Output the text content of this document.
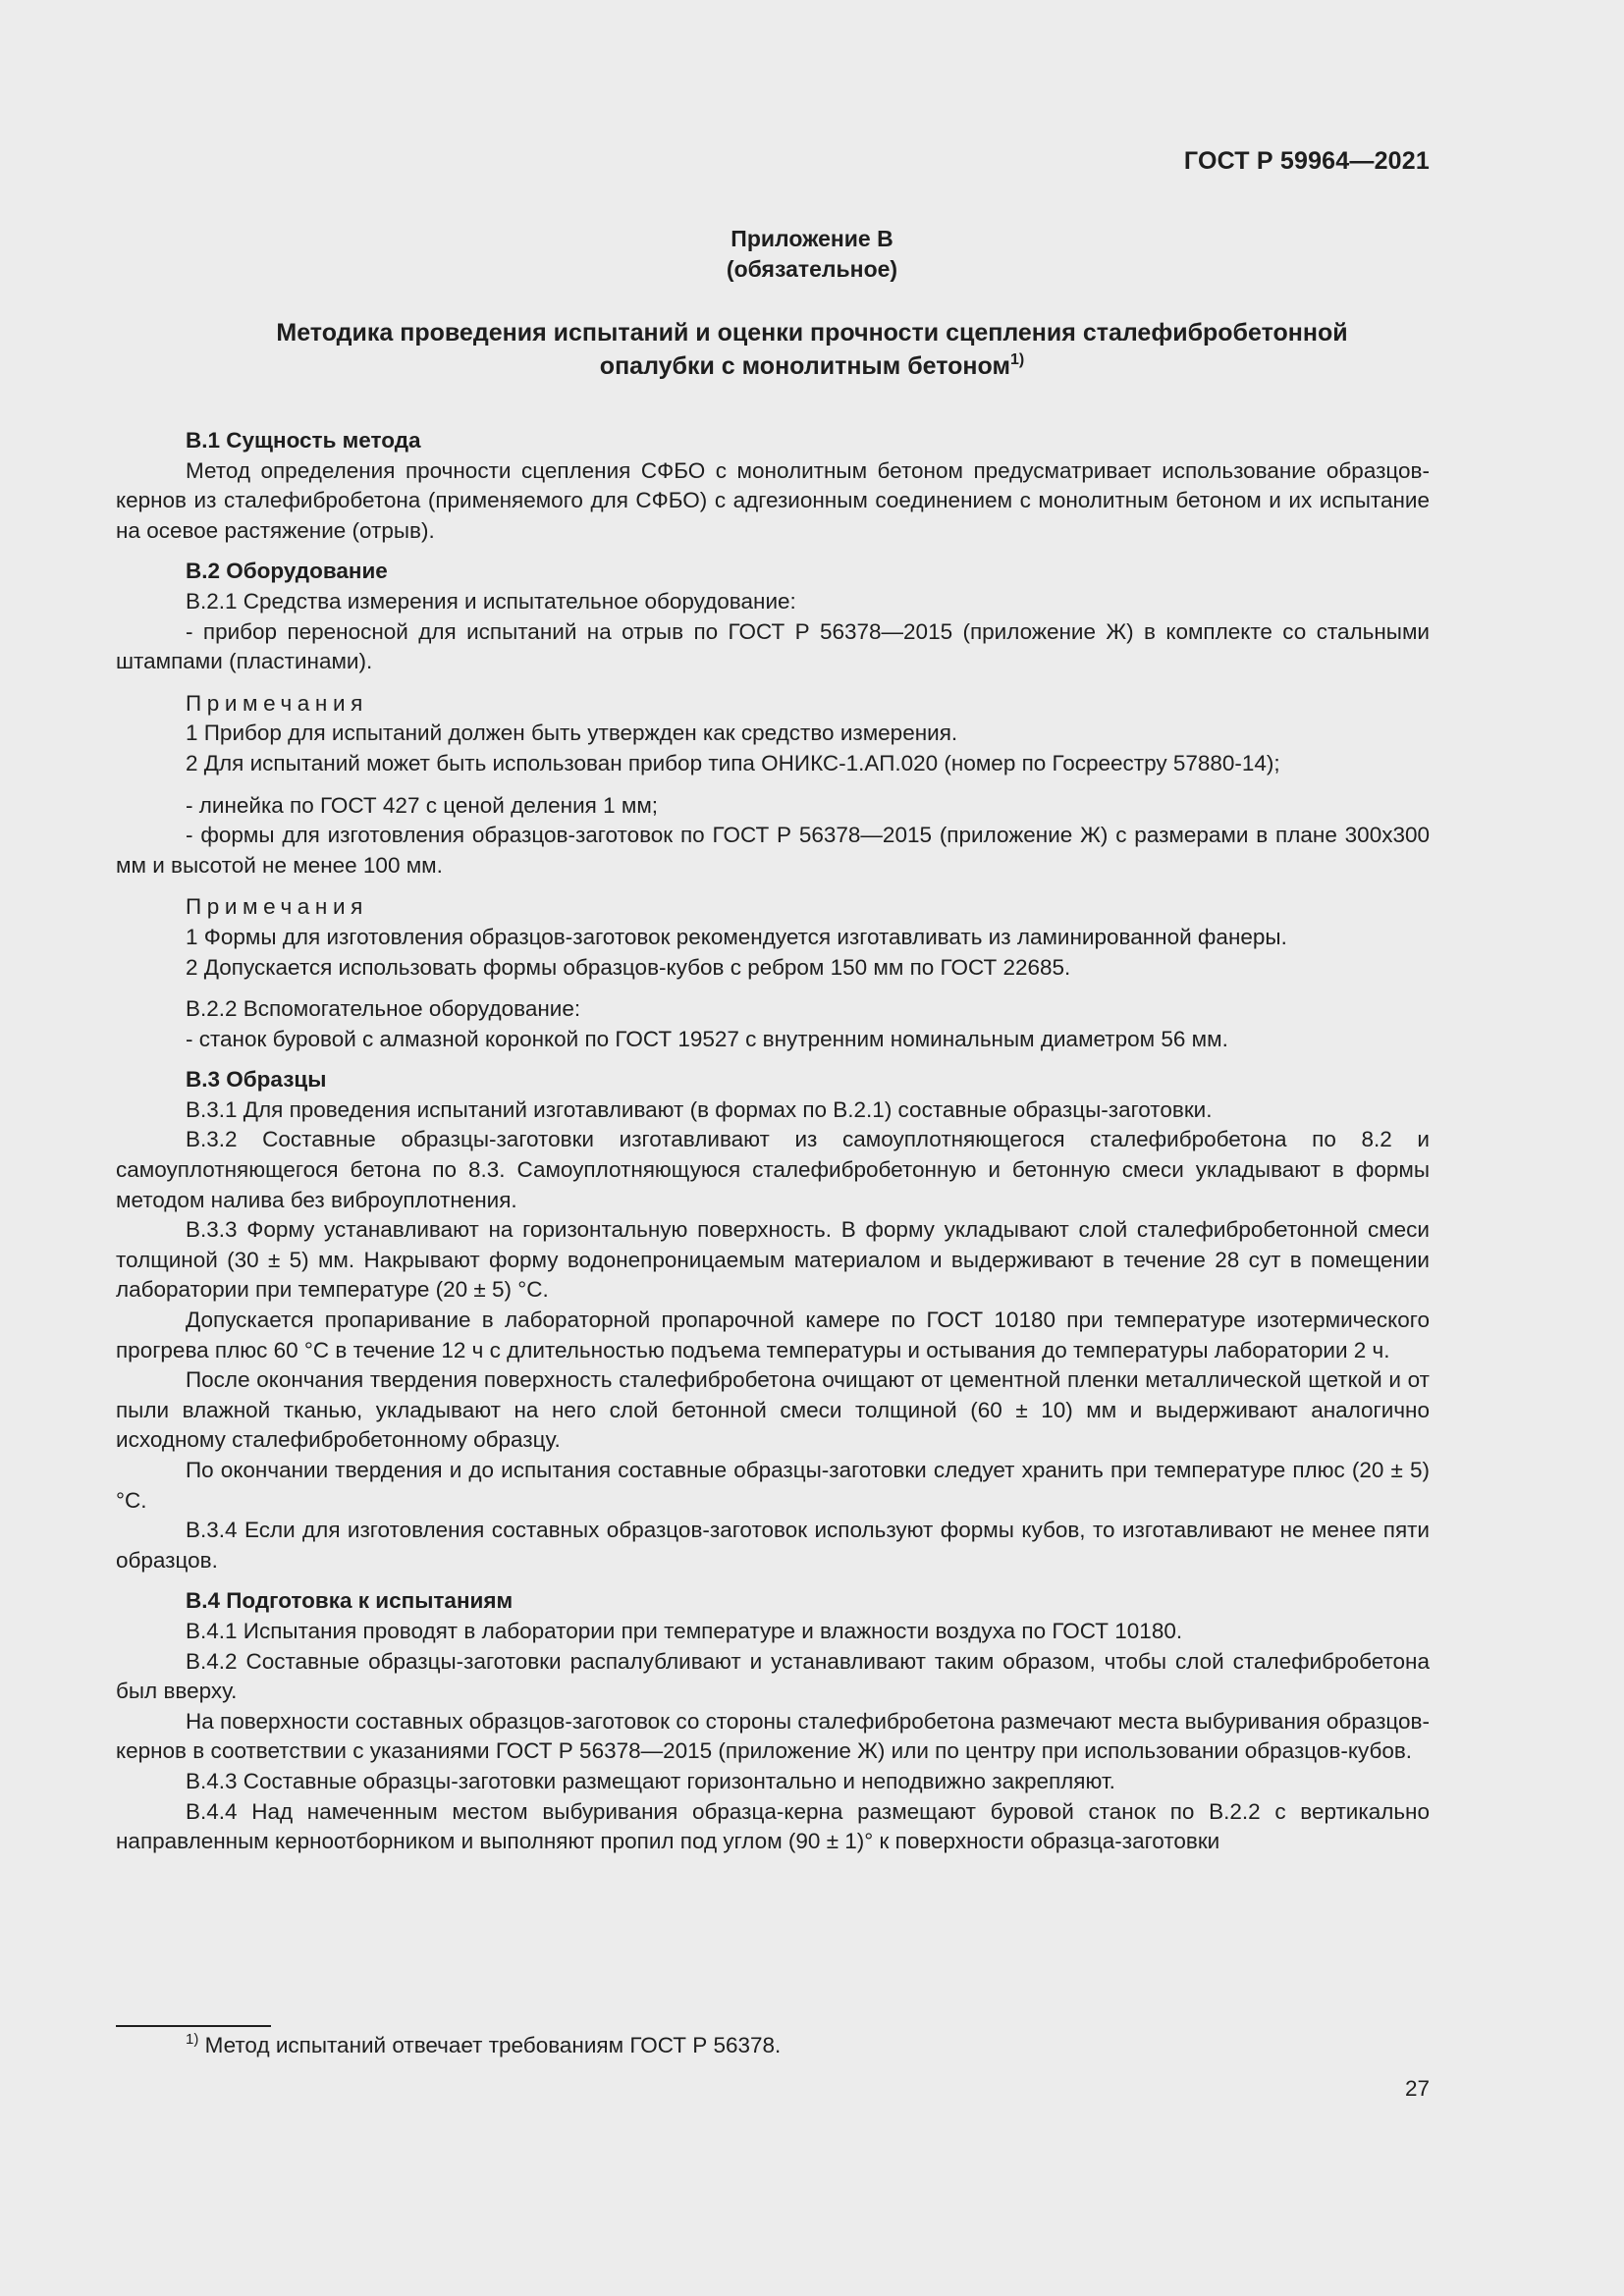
ГОСТ Р 59964—2021
Приложение В
(обязательное)
Методика проведения испытаний и оценки прочности сцепления сталефибробетонной
опалубки с монолитным бетоном$^{1)}$

В.1 Сущность метода

Метод определения прочности сцепления СФБО с монолитным бетоном предусматривает использование образцов-кернов из сталефибробетона (применяемого для СФБО) с адгезионным соединением с монолитным бетоном и их испытание на осевое растяжение (отрыв).

В.2 Оборудование

В.2.1 Средства измерения и испытательное оборудование:

- прибор переносной для испытаний на отрыв по ГОСТ Р 56378—2015 (приложение Ж) в комплекте со стальными штампами (пластинами).

Примечания

1 Прибор для испытаний должен быть утвержден как средство измерения.

2 Для испытаний может быть использован прибор типа ОНИКС-1.АП.020 (номер по Госреестру 57880-14);

- линейка по ГОСТ 427 с ценой деления 1 мм;

- формы для изготовления образцов-заготовок по ГОСТ Р 56378—2015 (приложение Ж) с размерами в плане 300х300 мм и высотой не менее 100 мм.

Примечания

1 Формы для изготовления образцов-заготовок рекомендуется изготавливать из ламинированной фанеры.

2 Допускается использовать формы образцов-кубов с ребром 150 мм по ГОСТ 22685.

В.2.2 Вспомогательное оборудование:

- станок буровой с алмазной коронкой по ГОСТ 19527 с внутренним номинальным диаметром 56 мм.

В.3 Образцы

В.3.1 Для проведения испытаний изготавливают (в формах по В.2.1) составные образцы-заготовки.

В.3.2 Составные образцы-заготовки изготавливают из самоуплотняющегося сталефибробетона по 8.2 и самоуплотняющегося бетона по 8.3. Самоуплотняющуюся сталефибробетонную и бетонную смеси укладывают в формы методом налива без виброуплотнения.

В.3.3 Форму устанавливают на горизонтальную поверхность. В форму укладывают слой сталефибробетонной смеси толщиной (30 ± 5) мм. Накрывают форму водонепроницаемым материалом и выдерживают в течение 28 сут в помещении лаборатории при температуре (20 ± 5) °С.

Допускается пропаривание в лабораторной пропарочной камере по ГОСТ 10180 при температуре изотермического прогрева плюс 60 °С в течение 12 ч с длительностью подъема температуры и остывания до температуры лаборатории 2 ч.

После окончания твердения поверхность сталефибробетона очищают от цементной пленки металлической щеткой и от пыли влажной тканью, укладывают на него слой бетонной смеси толщиной (60 ± 10) мм и выдерживают аналогично исходному сталефибробетонному образцу.

По окончании твердения и до испытания составные образцы-заготовки следует хранить при температуре плюс (20 ± 5) °С.

В.3.4 Если для изготовления составных образцов-заготовок используют формы кубов, то изготавливают не менее пяти образцов.

В.4 Подготовка к испытаниям

В.4.1 Испытания проводят в лаборатории при температуре и влажности воздуха по ГОСТ 10180.

В.4.2 Составные образцы-заготовки распалубливают и устанавливают таким образом, чтобы слой сталефибробетона был вверху.

На поверхности составных образцов-заготовок со стороны сталефибробетона размечают места выбуривания образцов-кернов в соответствии с указаниями ГОСТ Р 56378—2015 (приложение Ж) или по центру при использовании образцов-кубов.

В.4.3 Составные образцы-заготовки размещают горизонтально и неподвижно закрепляют.

В.4.4 Над намеченным местом выбуривания образца-керна размещают буровой станок по В.2.2 с вертикально направленным керноотборником и выполняют пропил под углом (90 ± 1)° к поверхности образца-заготовки

$^{1)}$ Метод испытаний отвечает требованиям ГОСТ Р 56378.
27
